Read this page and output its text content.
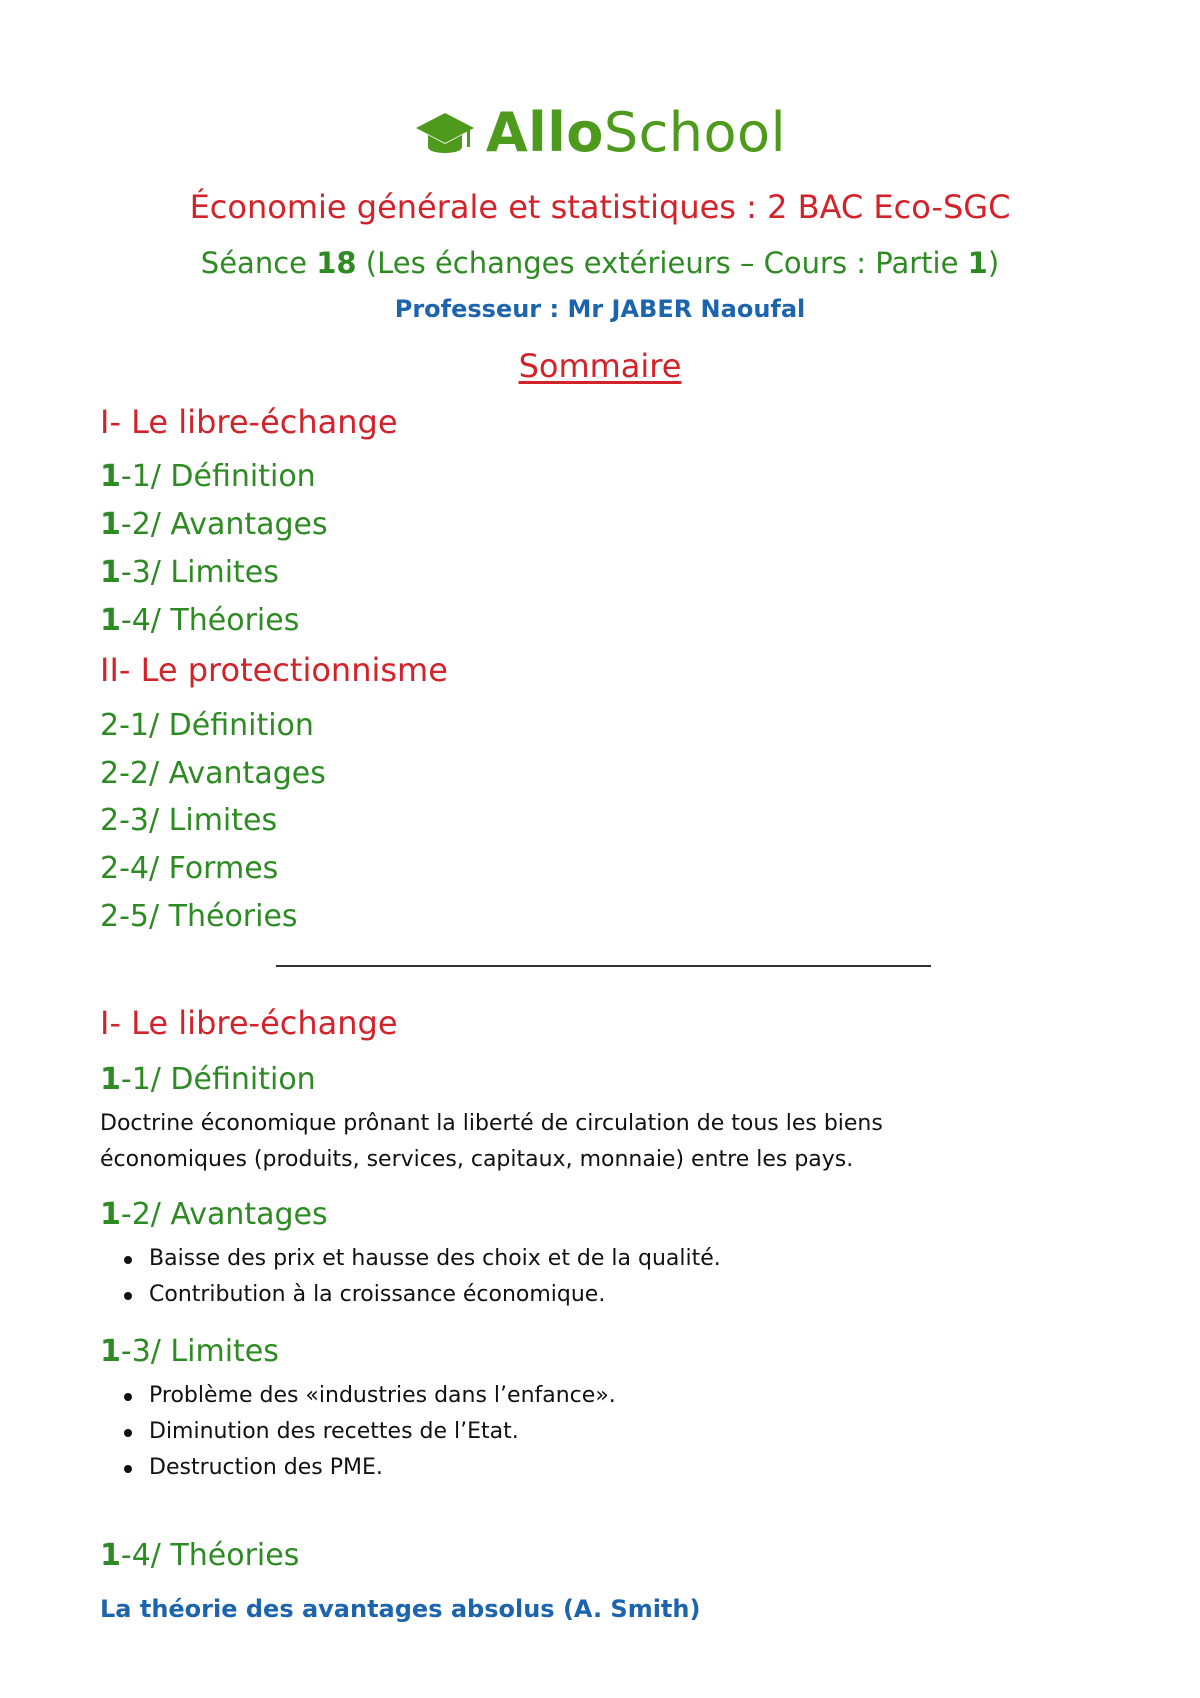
AlloSchool
Économie générale et statistiques : 2 BAC Eco-SGC
Séance 18 (Les échanges extérieurs – Cours : Partie 1)
Professeur : Mr JABER Naoufal
Sommaire
I- Le libre-échange
1-1/ Définition
1-2/ Avantages
1-3/ Limites
1-4/ Théories
II- Le protectionnisme
2-1/ Définition
2-2/ Avantages
2-3/ Limites
2-4/ Formes
2-5/ Théories
I- Le libre-échange
1-1/ Définition
Doctrine économique prônant la liberté de circulation de tous les biens
économiques (produits, services, capitaux, monnaie) entre les pays.
1-2/ Avantages
Baisse des prix et hausse des choix et de la qualité.
Contribution à la croissance économique.
1-3/ Limites
Problème des «industries dans l’enfance».
Diminution des recettes de l’Etat.
Destruction des PME.
1-4/ Théories
La théorie des avantages absolus (A. Smith)
